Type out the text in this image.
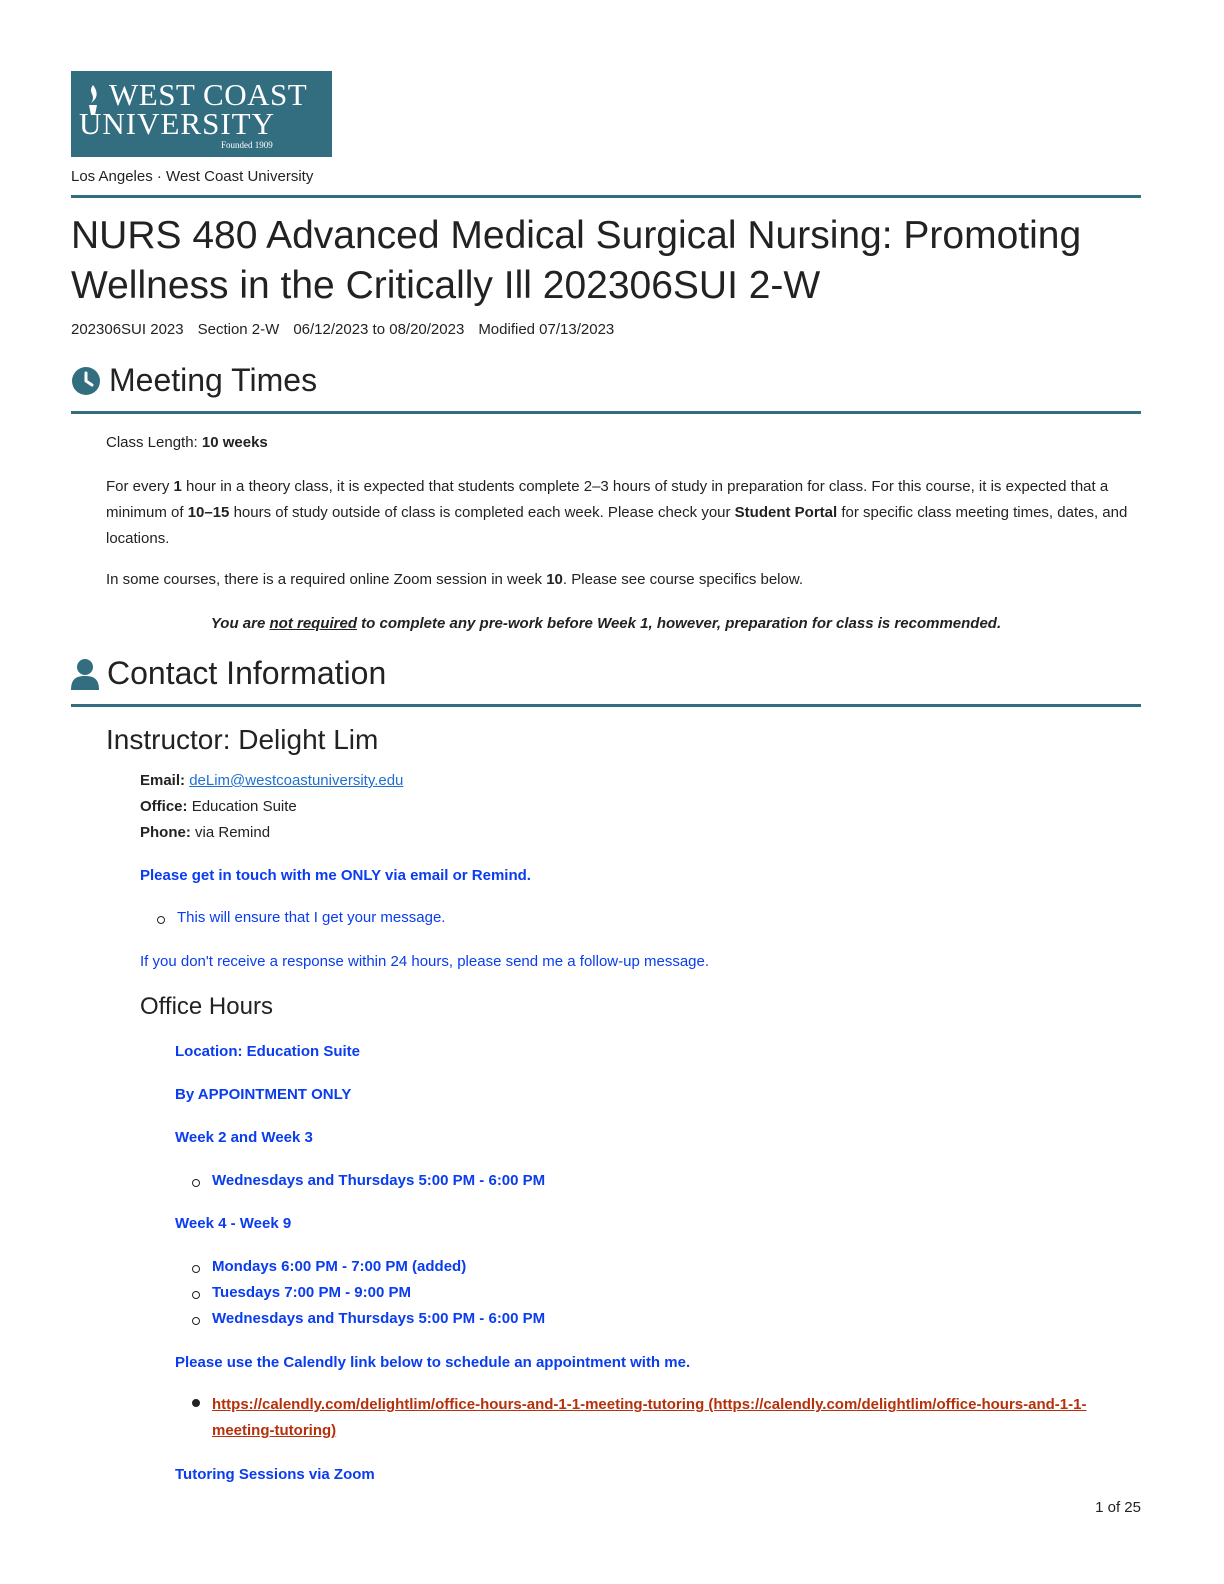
WEST COAST
UNIVERSITY
Founded 1909
Los Angeles · West Coast University
NURS 480 Advanced Medical Surgical Nursing: Promoting Wellness in the Critically Ill 202306SUI 2-W
202306SUI 2023 Section 2-W 06/12/2023 to 08/20/2023 Modified 07/13/2023
Meeting Times

Class Length: 10 weeks

For every 1 hour in a theory class, it is expected that students complete 2–3 hours of study in preparation for class. For this course, it is expected that a minimum of 10–15 hours of study outside of class is completed each week. Please check your Student Portal for specific class meeting times, dates, and locations.

In some courses, there is a required online Zoom session in week 10. Please see course specifics below.

You are not required to complete any pre-work before Week 1, however, preparation for class is recommended.
Contact Information
Instructor: Delight Lim
Email: deLim@westcoastuniversity.edu
Office: Education Suite
Phone: via Remind
Please get in touch with me ONLY via email or Remind.
This will ensure that I get your message.
If you don't receive a response within 24 hours, please send me a follow-up message.
Office Hours
Location: Education Suite
By APPOINTMENT ONLY
Week 2 and Week 3
Wednesdays and Thursdays 5:00 PM - 6:00 PM
Week 4 - Week 9
Mondays 6:00 PM - 7:00 PM (added)
Tuesdays 7:00 PM - 9:00 PM
Wednesdays and Thursdays 5:00 PM - 6:00 PM
Please use the Calendly link below to schedule an appointment with me.
https://calendly.com/delightlim/office-hours-and-1-1-meeting-tutoring (https://calendly.com/delightlim/office-hours-and-1-1-meeting-tutoring)
Tutoring Sessions via Zoom
1 of 25
